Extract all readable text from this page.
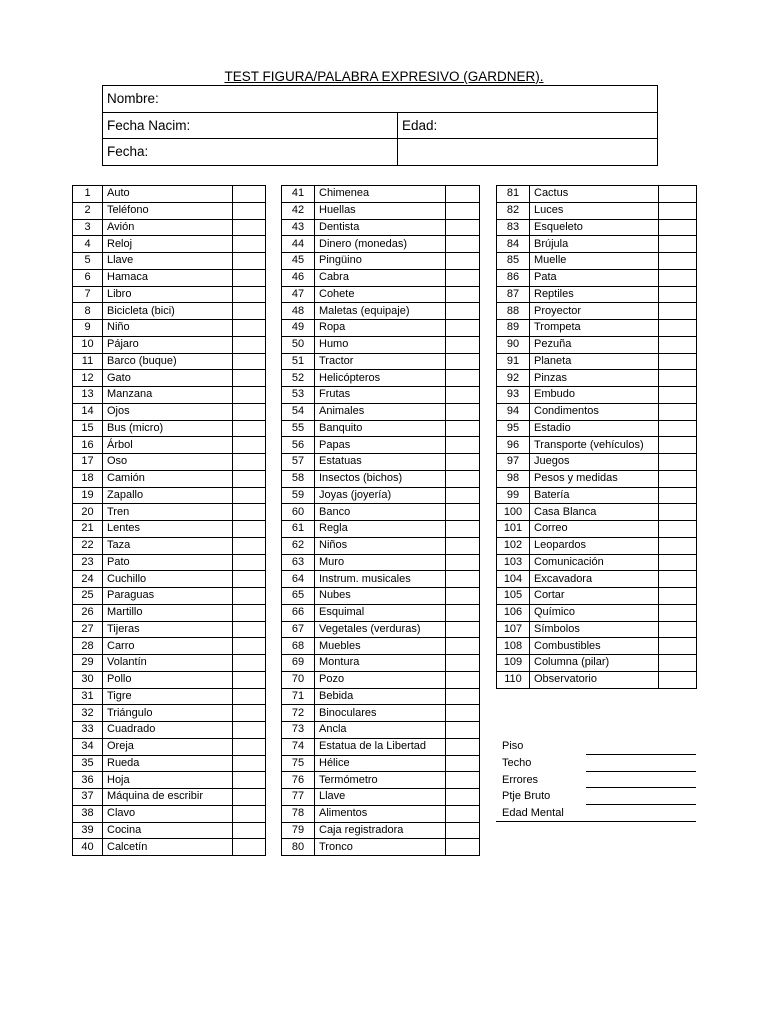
TEST FIGURA/PALABRA EXPRESIVO (GARDNER).
Nombre:	
Fecha Nacim:	Edad:
Fecha:	
1	Auto	
2	Teléfono	
3	Avión	
4	Reloj	
5	Llave	
6	Hamaca	
7	Libro	
8	Bicicleta (bici)	
9	Niño	
10	Pájaro	
11	Barco (buque)	
12	Gato	
13	Manzana	
14	Ojos	
15	Bus (micro)	
16	Árbol	
17	Oso	
18	Camión	
19	Zapallo	
20	Tren	
21	Lentes	
22	Taza	
23	Pato	
24	Cuchillo	
25	Paraguas	
26	Martillo	
27	Tijeras	
28	Carro	
29	Volantín	
30	Pollo	
31	Tigre	
32	Triángulo	
33	Cuadrado	
34	Oreja	
35	Rueda	
36	Hoja	
37	Máquina de escribir	
38	Clavo	
39	Cocina	
40	Calcetín	
41	Chimenea	
42	Huellas	
43	Dentista	
44	Dinero (monedas)	
45	Pingüino	
46	Cabra	
47	Cohete	
48	Maletas (equipaje)	
49	Ropa	
50	Humo	
51	Tractor	
52	Helicópteros	
53	Frutas	
54	Animales	
55	Banquito	
56	Papas	
57	Estatuas	
58	Insectos (bichos)	
59	Joyas (joyería)	
60	Banco	
61	Regla	
62	Niños	
63	Muro	
64	Instrum. musicales	
65	Nubes	
66	Esquimal	
67	Vegetales (verduras)	
68	Muebles	
69	Montura	
70	Pozo	
71	Bebida	
72	Binoculares	
73	Ancla	
74	Estatua de la Libertad	
75	Hélice	
76	Termómetro	
77	Llave	
78	Alimentos	
79	Caja registradora	
80	Tronco	
81	Cactus	
82	Luces	
83	Esqueleto	
84	Brújula	
85	Muelle	
86	Pata	
87	Reptiles	
88	Proyector	
89	Trompeta	
90	Pezuña	
91	Planeta	
92	Pinzas	
93	Embudo	
94	Condimentos	
95	Estadio	
96	Transporte (vehículos)	
97	Juegos	
98	Pesos y medidas	
99	Batería	
100	Casa Blanca	
101	Correo	
102	Leopardos	
103	Comunicación	
104	Excavadora	
105	Cortar	
106	Químico	
107	Símbolos	
108	Combustibles	
109	Columna (pilar)	
110	Observatorio	
Piso
Techo
Errores
Ptje Bruto
Edad Mental
